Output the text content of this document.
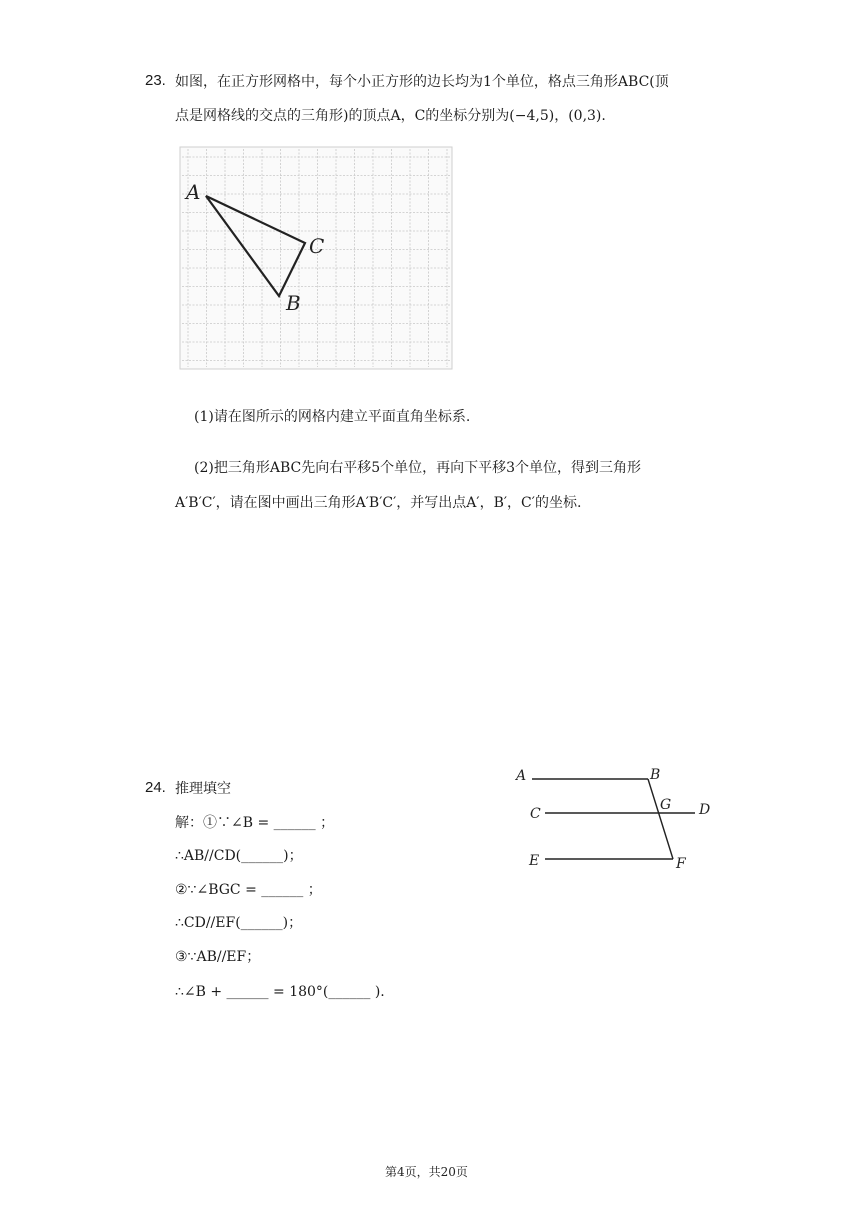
23. 如图，在正方形网格中，每个小正方形的边长均为1个单位，格点三角形ABC(顶
点是网格线的交点的三角形)的顶点A，C的坐标分别为(−4,5)，(0,3).
A
C
B
(1)请在图所示的网格内建立平面直角坐标系.
(2)把三角形ABC先向右平移5个单位，再向下平移3个单位，得到三角形
A′B′C′，请在图中画出三角形A′B′C′，并写出点A′，B′，C′的坐标.
24. 推理填空
解：①∵∠B = ______ ；
∴AB//CD(______)；
②∵∠BGC = ______ ；
∴CD//EF(______)；
③∵AB//EF；
∴∠B + ______ = 180°(______ ).
A	B
C
G D
E	F
第4页，共20页
